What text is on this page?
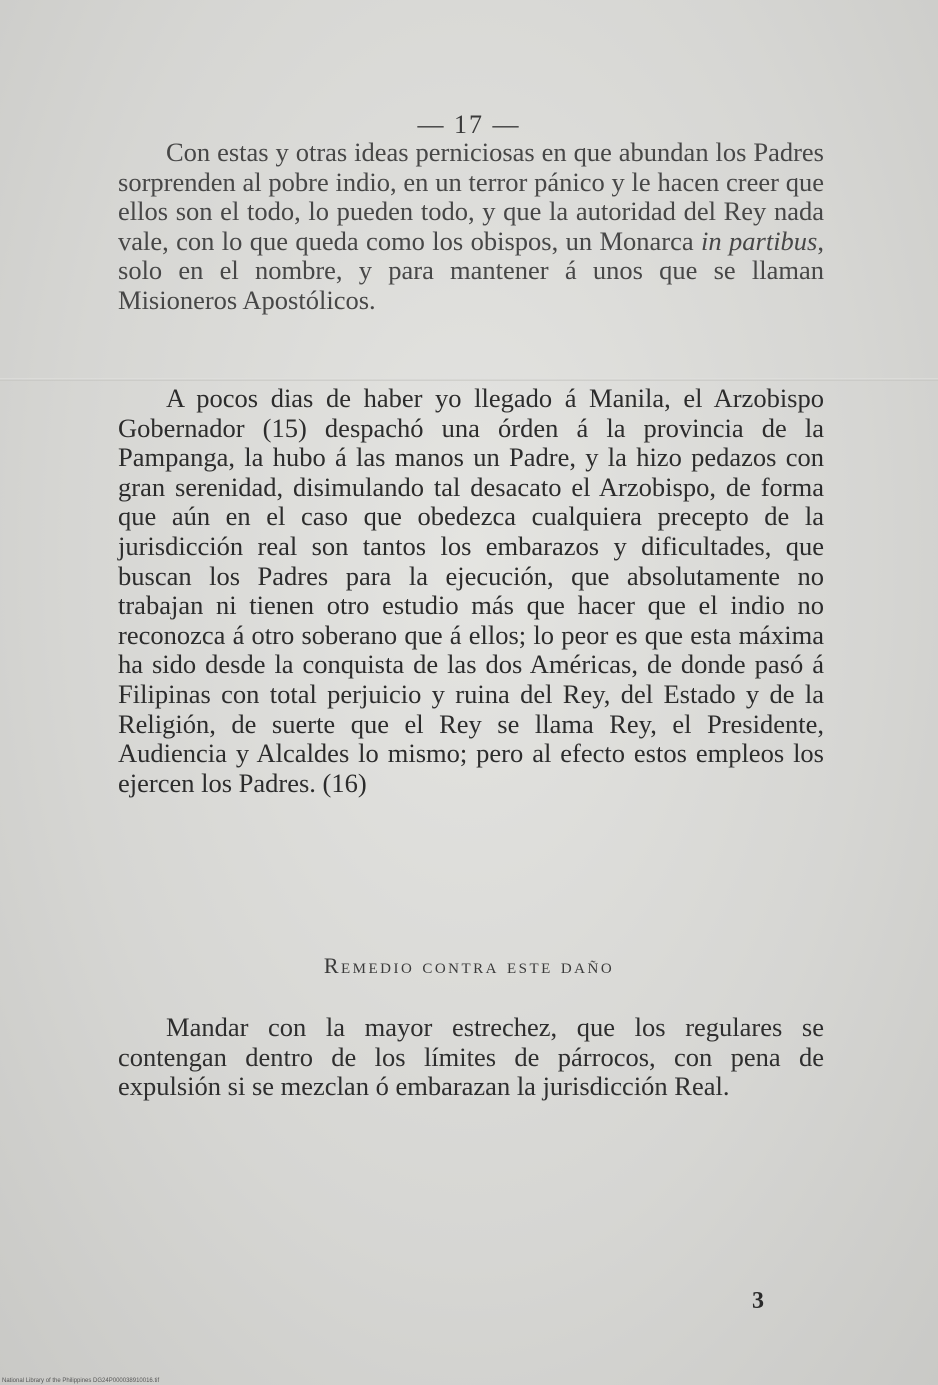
— 17 —

Con estas y otras ideas perniciosas en que abundan los Padres sorprenden al pobre indio, en un terror pánico y le hacen creer que ellos son el todo, lo pueden todo, y que la autoridad del Rey nada vale, con lo que queda como los obispos, un Monarca in partibus, solo en el nombre, y para mantener á unos que se llaman Misioneros Apostólicos.

A pocos dias de haber yo llegado á Manila, el Arzobispo Gobernador (15) despachó una órden á la provincia de la Pampanga, la hubo á las manos un Padre, y la hizo pedazos con gran serenidad, disimulando tal desacato el Arzobispo, de forma que aún en el caso que obedezca cualquiera precepto de la jurisdicción real son tantos los embarazos y dificultades, que buscan los Padres para la ejecución, que absolutamente no trabajan ni tienen otro estudio más que hacer que el indio no reconozca á otro soberano que á ellos; lo peor es que esta máxima ha sido desde la conquista de las dos Américas, de donde pasó á Filipinas con total perjuicio y ruina del Rey, del Estado y de la Religión, de suerte que el Rey se llama Rey, el Presidente, Audiencia y Alcaldes lo mismo; pero al efecto estos empleos los ejercen los Padres. (16)

Remedio contra este daño

Mandar con la mayor estrechez, que los regulares se contengan dentro de los límites de párrocos, con pena de expulsión si se mezclan ó embarazan la jurisdicción Real.

3
National Library of the Philippines DG24P000038910016.tif
